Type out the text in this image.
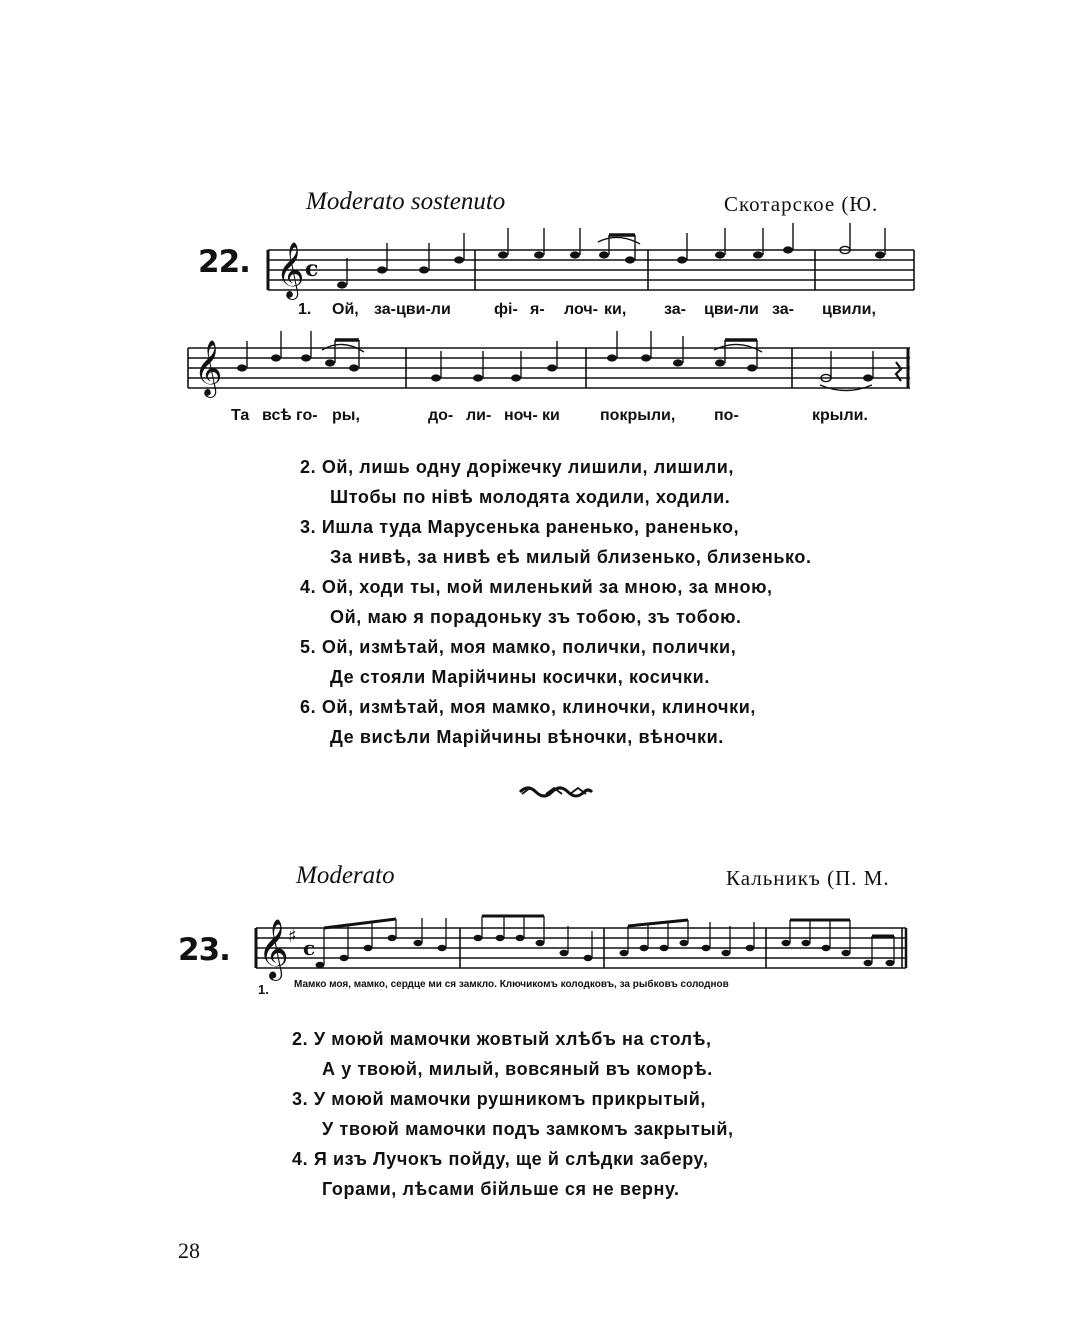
Moderato sostenuto	Скотарское (Ю.
22. 𝄞 c
1. Ой, за-цви-ли	фі- я- лоч- ки, за- цви-ли за- цвили,
𝄞
Та всѣ го- ры,	до- ли- ноч- ки	покрыли, по-	крыли.
2. Ой, лишь одну доріжечку лишили, лишили,
Штобы по нівѣ молодята ходили, ходили.
3. Ишла туда Марусенька раненько, раненько,
За нивѣ, за нивѣ еѣ милый близенько, близенько.
4. Ой, ходи ты, мой миленький за мною, за мною,
Ой, маю я порадоньку зъ тобою, зъ тобою.
5. Ой, измѣтай, моя мамко, полички, полички,
Де стояли Марійчины косички, косички.
6. Ой, измѣтай, моя мамко, клиночки, клиночки,
Де висѣли Марійчины вѣночки, вѣночки.
Moderato	Кальникъ (П. М.
23. 𝄞 ♯ c
1.	Мамко моя, мамко, сердце ми ся замкло. Ключикомъ колодковъ, за рыбковъ солоднов
2. У моюй мамочки жовтый хлѣбъ на столѣ,
А у твоюй, милый, вовсяный въ коморѣ.
3. У моюй мамочки рушникомъ прикрытый,
У твоюй мамочки подъ замкомъ закрытый,
4. Я изъ Лучокъ пойду, ще й слѣдки заберу,
Горами, лѣсами бійльше ся не верну.
28
